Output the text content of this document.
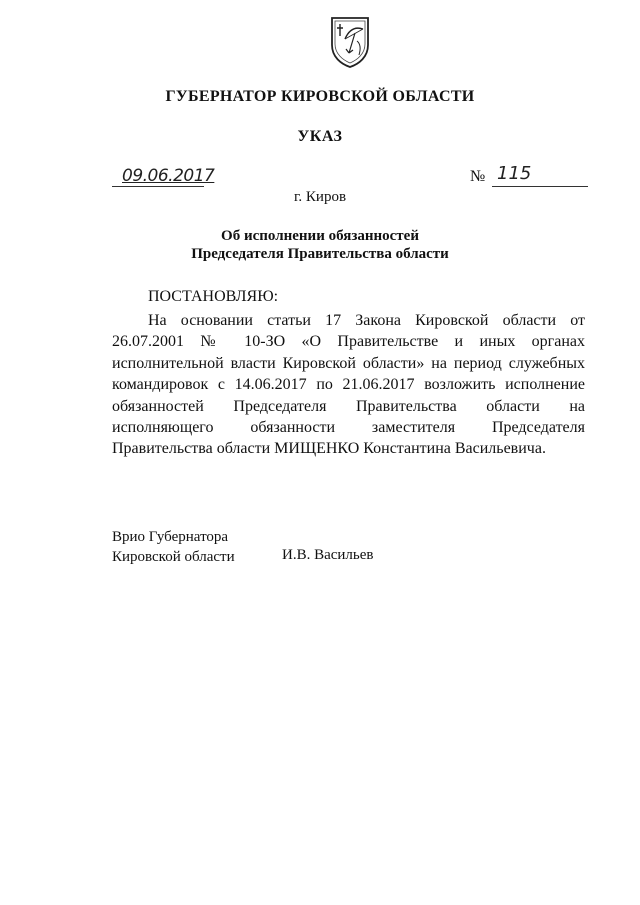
ГУБЕРНАТОР КИРОВСКОЙ ОБЛАСТИ
УКАЗ
09.06.2017	№ 115
г. Киров
Об исполнении обязанностей
Председателя Правительства области
ПОСТАНОВЛЯЮ:

На основании статьи 17 Закона Кировской области от 26.07.2001 № 10-ЗО «О Правительстве и иных органах исполнительной власти Кировской области» на период служебных командировок с 14.06.2017 по 21.06.2017 возложить исполнение обязанностей Председателя Правительства области на исполняющего обязанности заместителя Председателя Правительства области МИЩЕНКО Константина Васильевича.

Врио Губернатора
Кировской области	И.В. Васильев
